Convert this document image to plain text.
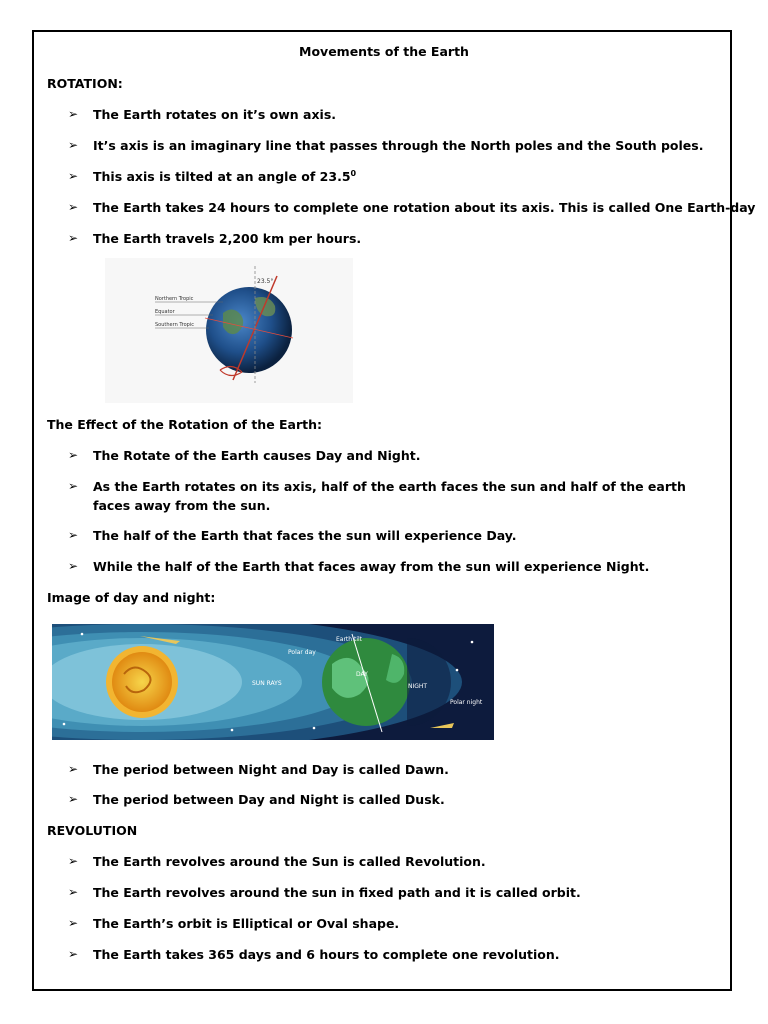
Movements of the Earth
ROTATION:
➢ The Earth rotates on it’s own axis.
➢ It’s axis is an imaginary line that passes through the North poles and the South poles.
➢ This axis is tilted at an angle of 23.5$^0$
➢ The Earth takes 24 hours to complete one rotation about its axis. This is called One Earth-day
➢ The Earth travels 2,200 km per hours.
Northern Tropic
Equator
Southern Tropic
23.5°
The Effect of the Rotation of the Earth:
➢ The Rotate of the Earth causes Day and Night.
➢ As the Earth rotates on its axis, half of the earth faces the sun and half of the earth faces away from the sun.
➢ The half of the Earth that faces the sun will experience Day.
➢ While the half of the Earth that faces away from the sun will experience Night.
Image of day and night:
Earth tilt
Polar day
SUN RAYS
DAY
NIGHT
Polar night
➢ The period between Night and Day is called Dawn.
➢ The period between Day and Night is called Dusk.
REVOLUTION
➢ The Earth revolves around the Sun is called Revolution.
➢ The Earth revolves around the sun in fixed path and it is called orbit.
➢ The Earth’s orbit is Elliptical or Oval shape.
➢ The Earth takes 365 days and 6 hours to complete one revolution.
